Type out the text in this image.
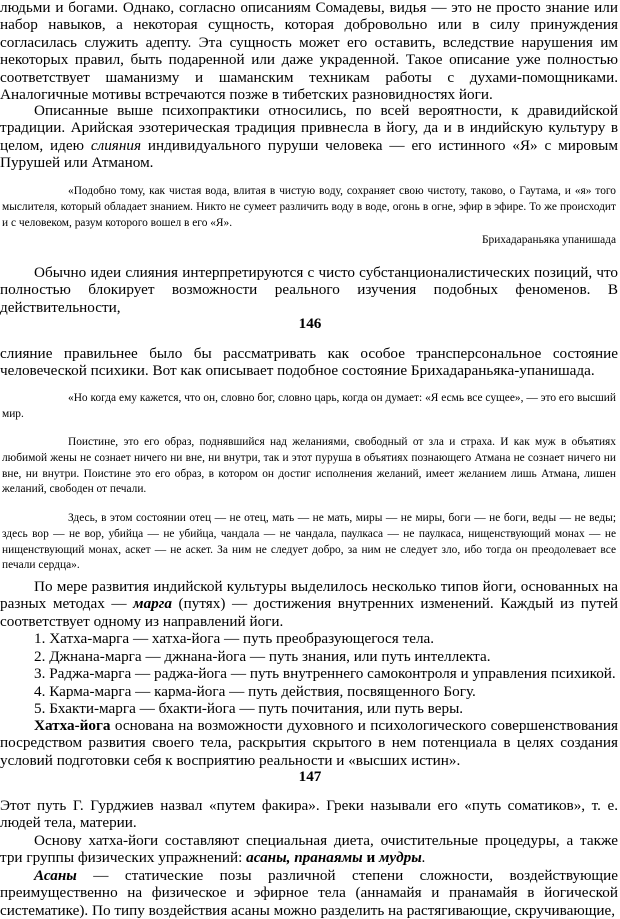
людьми и богами. Однако, согласно описаниям Сомадевы, видья — это не просто знание или набор навыков, а некоторая сущность, которая добровольно или в силу принуждения согласилась служить адепту. Эта сущность может его оставить, вследствие нарушения им некоторых правил, быть подаренной или даже украденной. Такое описание уже полностью соответствует шаманизму и шаманским техникам работы с духами-помощниками. Аналогичные мотивы встречаются позже в тибетских разновидностях йоги.

Описанные выше психопрактики относились, по всей вероятности, к дравидийской традиции. Арийская эзотерическая традиция привнесла в йогу, да и в индийскую культуру в целом, идею слияния индивидуального пуруши человека — его истинного «Я» с мировым Пурушей или Атманом.

«Подобно тому, как чистая вода, влитая в чистую воду, сохраняет свою чистоту, таково, о Гаутама, и «я» того мыслителя, который обладает знанием. Никто не сумеет различить воду в воде, огонь в огне, эфир в эфире. То же происходит и с человеком, разум которого вошел в его «Я».

Брихадараньяка упанишада

Обычно идеи слияния интерпретируются с чисто субстанционалистических позиций, что полностью блокирует возможности реального изучения подобных феноменов. В действительности,

146

слияние правильнее было бы рассматривать как особое трансперсональное состояние человеческой психики. Вот как описывает подобное состояние Брихадараньяка-упанишада.

«Но когда ему кажется, что он, словно бог, словно царь, когда он думает: «Я есмь все сущее», — это его высший мир.

Поистине, это его образ, поднявшийся над желаниями, свободный от зла и страха. И как муж в объятиях любимой жены не сознает ничего ни вне, ни внутри, так и этот пуруша в объятиях познающего Атмана не сознает ничего ни вне, ни внутри. Поистине это его образ, в котором он достиг исполнения желаний, имеет желанием лишь Атмана, лишен желаний, свободен от печали.

Здесь, в этом состоянии отец — не отец, мать — не мать, миры — не миры, боги — не боги, веды — не веды; здесь вор — не вор, убийца — не убийца, чандала — не чандала, паулкаса — не паулкаса, нищенствующий монах — не нищенствующий монах, аскет — не аскет. За ним не следует добро, за ним не следует зло, ибо тогда он преодолевает все печали сердца».

По мере развития индийской культуры выделилось несколько типов йоги, основанных на разных методах — марга (путях) — достижения внутренних изменений. Каждый из путей соответствует одному из направлений йоги.

1. Хатха-марга — хатха-йога — путь преобразующегося тела.

2. Джнана-марга — джнана-йога — путь знания, или путь интеллекта.

3. Раджа-марга — раджа-йога — путь внутреннего самоконтроля и управления психикой.

4. Карма-марга — карма-йога — путь действия, посвященного Богу.

5. Бхакти-марга — бхакти-йога — путь почитания, или путь веры.

Хатха-йога основана на возможности духовного и психологического совершенствования посредством развития своего тела, раскрытия скрытого в нем потенциала в целях создания условий подготовки себя к восприятию реальности и «высших истин».

147

Этот путь Г. Гурджиев назвал «путем факира». Греки называли его «путь соматиков», т. е. людей тела, материи.

Основу хатха-йоги составляют специальная диета, очистительные процедуры, а также три группы физических упражнений: асаны, пранаямы и мудры.

Асаны — статические позы различной степени сложности, воздействующие преимущественно на физическое и эфирное тела (аннамайя и пранамайя в йогической систематике). По типу воздействия асаны можно разделить на растягивающие, скручивающие,
